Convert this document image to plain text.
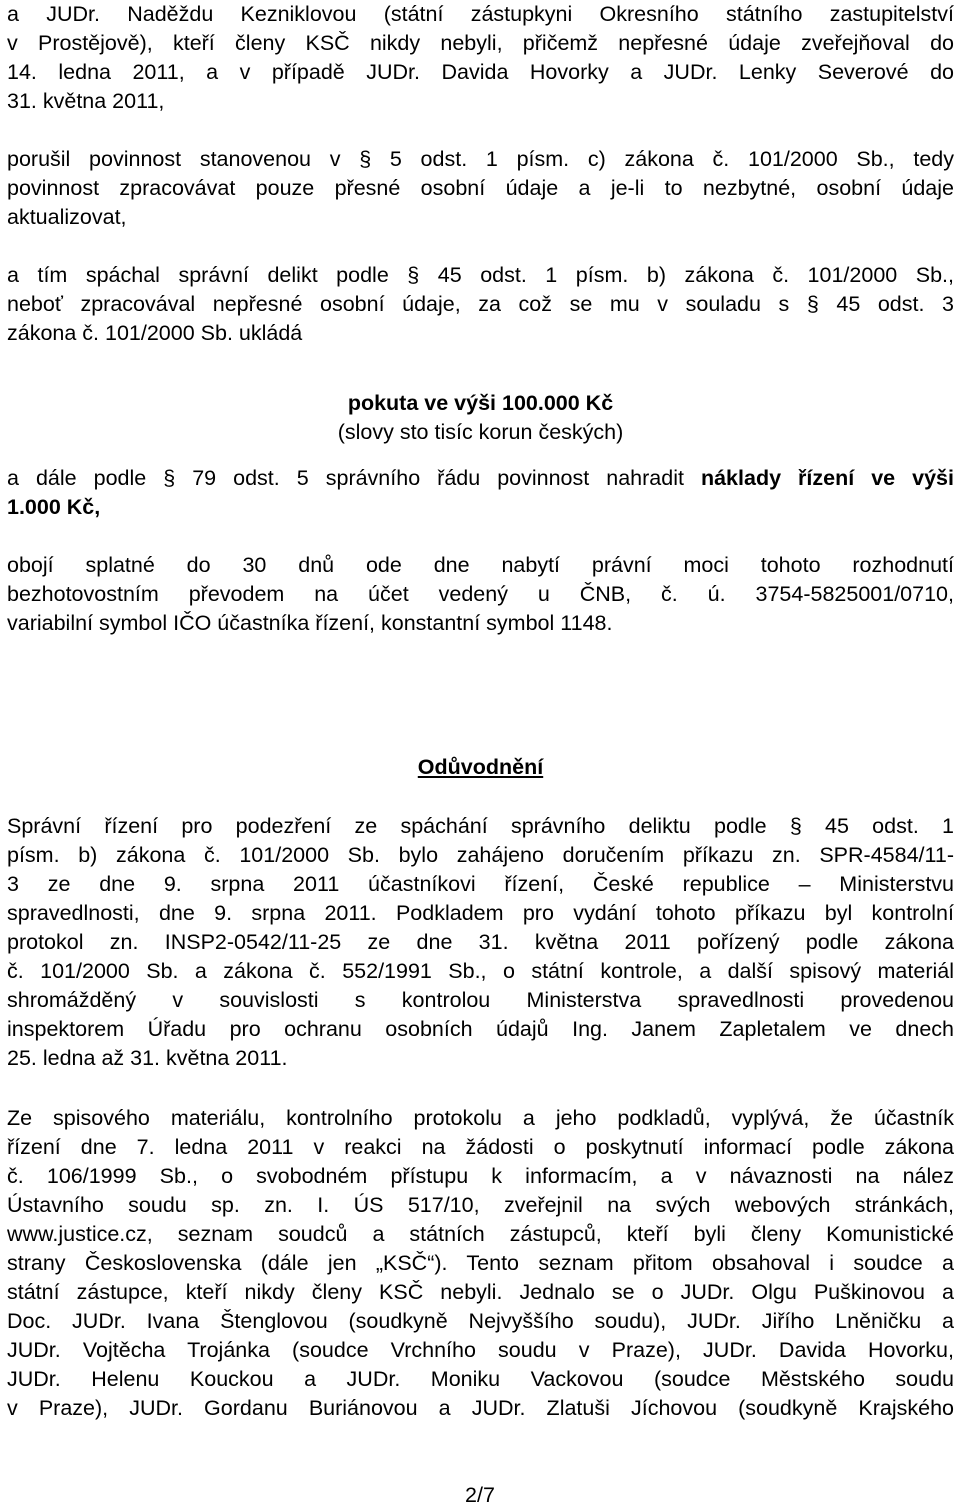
a JUDr. Naděždu Kezniklovou (státní zástupkyni Okresního státního zastupitelství
v Prostějově), kteří členy KSČ nikdy nebyli, přičemž nepřesné údaje zveřejňoval do
14. ledna 2011, a v případě JUDr. Davida Hovorky a JUDr. Lenky Severové do
31. května 2011,
porušil povinnost stanovenou v § 5 odst. 1 písm. c) zákona č. 101/2000 Sb., tedy
povinnost zpracovávat pouze přesné osobní údaje a je-li to nezbytné, osobní údaje
aktualizovat,
a tím spáchal správní delikt podle § 45 odst. 1 písm. b) zákona č. 101/2000 Sb.,
neboť zpracovával nepřesné osobní údaje, za což se mu v souladu s § 45 odst. 3
zákona č. 101/2000 Sb. ukládá
pokuta ve výši 100.000 Kč
(slovy sto tisíc korun českých)
a dále podle § 79 odst. 5 správního řádu povinnost nahradit náklady řízení ve výši
1.000 Kč,
obojí splatné do 30 dnů ode dne nabytí právní moci tohoto rozhodnutí
bezhotovostním převodem na účet vedený u ČNB, č. ú. 3754-5825001/0710,
variabilní symbol IČO účastníka řízení, konstantní symbol 1148.
Odůvodnění
Správní řízení pro podezření ze spáchání správního deliktu podle § 45 odst. 1
písm. b) zákona č. 101/2000 Sb. bylo zahájeno doručením příkazu zn. SPR-4584/11-
3 ze dne 9. srpna 2011 účastníkovi řízení, České republice – Ministerstvu
spravedlnosti, dne 9. srpna 2011. Podkladem pro vydání tohoto příkazu byl kontrolní
protokol zn. INSP2-0542/11-25 ze dne 31. května 2011 pořízený podle zákona
č. 101/2000 Sb. a zákona č. 552/1991 Sb., o státní kontrole, a další spisový materiál
shromážděný v souvislosti s kontrolou Ministerstva spravedlnosti provedenou
inspektorem Úřadu pro ochranu osobních údajů Ing. Janem Zapletalem ve dnech
25. ledna až 31. května 2011.
Ze spisového materiálu, kontrolního protokolu a jeho podkladů, vyplývá, že účastník
řízení dne 7. ledna 2011 v reakci na žádosti o poskytnutí informací podle zákona
č. 106/1999 Sb., o svobodném přístupu k informacím, a v návaznosti na nález
Ústavního soudu sp. zn. I. ÚS 517/10, zveřejnil na svých webových stránkách,
www.justice.cz, seznam soudců a státních zástupců, kteří byli členy Komunistické
strany Československa (dále jen „KSČ“). Tento seznam přitom obsahoval i soudce a
státní zástupce, kteří nikdy členy KSČ nebyli. Jednalo se o JUDr. Olgu Puškinovou a
Doc. JUDr. Ivana Štenglovou (soudkyně Nejvyššího soudu), JUDr. Jiřího Lněničku a
JUDr. Vojtěcha Trojánka (soudce Vrchního soudu v Praze), JUDr. Davida Hovorku,
JUDr. Helenu Kouckou a JUDr. Moniku Vackovou (soudce Městského soudu
v Praze), JUDr. Gordanu Buriánovou a JUDr. Zlatuši Jíchovou (soudkyně Krajského
2/7
